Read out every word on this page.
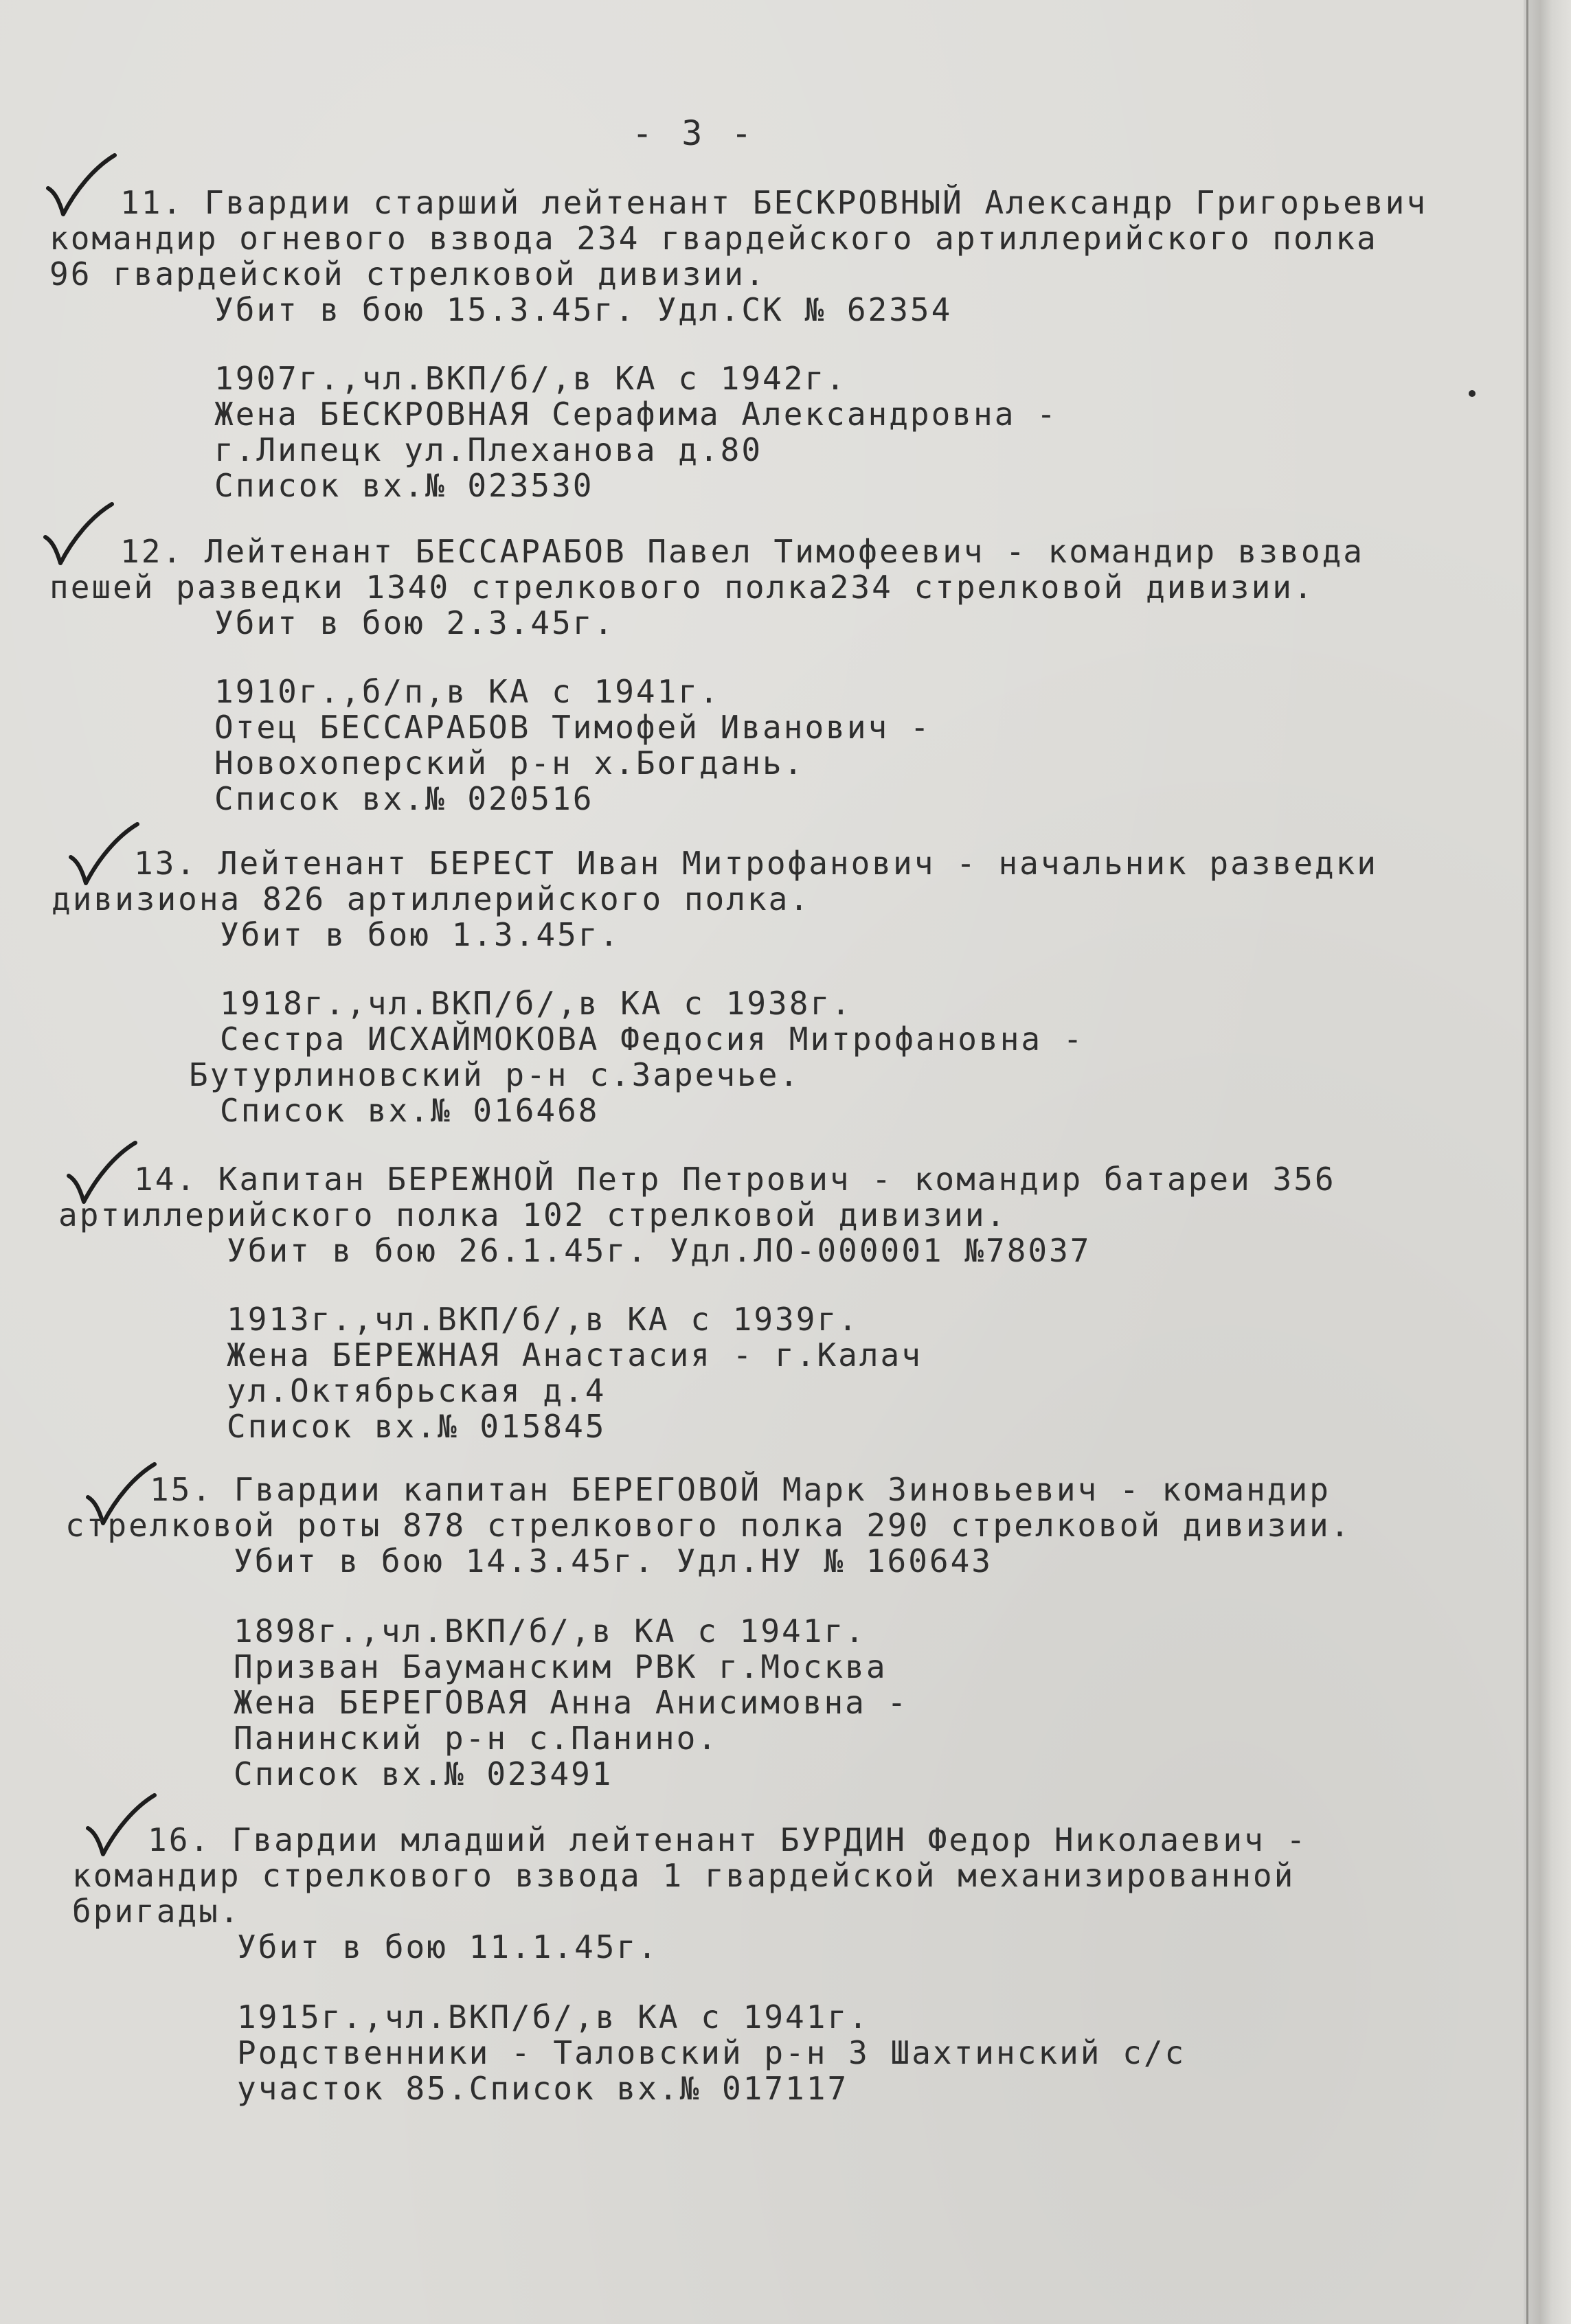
- 3 -
11. Гвардии старший лейтенант БЕСКРОВНЫЙ Александр Григорьевич
командир огневого взвода 234 гвардейского артиллерийского полка
96 гвардейской стрелковой дивизии.
Убит в бою 15.3.45г. Удл.СК № 62354
1907г.,чл.ВКП/б/,в КА с 1942г.
Жена БЕСКРОВНАЯ Серафима Александровна -
г.Липецк ул.Плеханова д.80
Список вх.№ 023530
12. Лейтенант БЕССАРАБОВ Павел Тимофеевич - командир взвода
пешей разведки 1340 стрелкового полка234 стрелковой дивизии.
Убит в бою 2.3.45г.
1910г.,б/п,в КА с 1941г.
Отец БЕССАРАБОВ Тимофей Иванович -
Новохоперский р-н х.Богдань.
Список вх.№ 020516
13. Лейтенант БЕРЕСТ Иван Митрофанович - начальник разведки
дивизиона 826 артиллерийского полка.
Убит в бою 1.3.45г.
1918г.,чл.ВКП/б/,в КА с 1938г.
Сестра ИСХАЙМОКОВА Федосия Митрофановна -
Бутурлиновский р-н с.Заречье.
Список вх.№ 016468
14. Капитан БЕРЕЖНОЙ Петр Петрович - командир батареи 356
артиллерийского полка 102 стрелковой дивизии.
Убит в бою 26.1.45г. Удл.ЛО-000001 №78037
1913г.,чл.ВКП/б/,в КА с 1939г.
Жена БЕРЕЖНАЯ Анастасия - г.Калач
ул.Октябрьская д.4
Список вх.№ 015845
15. Гвардии капитан БЕРЕГОВОЙ Марк Зиновьевич - командир
стрелковой роты 878 стрелкового полка 290 стрелковой дивизии.
Убит в бою 14.3.45г. Удл.НУ № 160643
1898г.,чл.ВКП/б/,в КА с 1941г.
Призван Бауманским РВК г.Москва
Жена БЕРЕГОВАЯ Анна Анисимовна -
Панинский р-н с.Панино.
Список вх.№ 023491
16. Гвардии младший лейтенант БУРДИН Федор Николаевич -
командир стрелкового взвода 1 гвардейской механизированной
бригады.
Убит в бою 11.1.45г.
1915г.,чл.ВКП/б/,в КА с 1941г.
Родственники - Таловский р-н 3 Шахтинский с/с
участок 85.Список вх.№ 017117
